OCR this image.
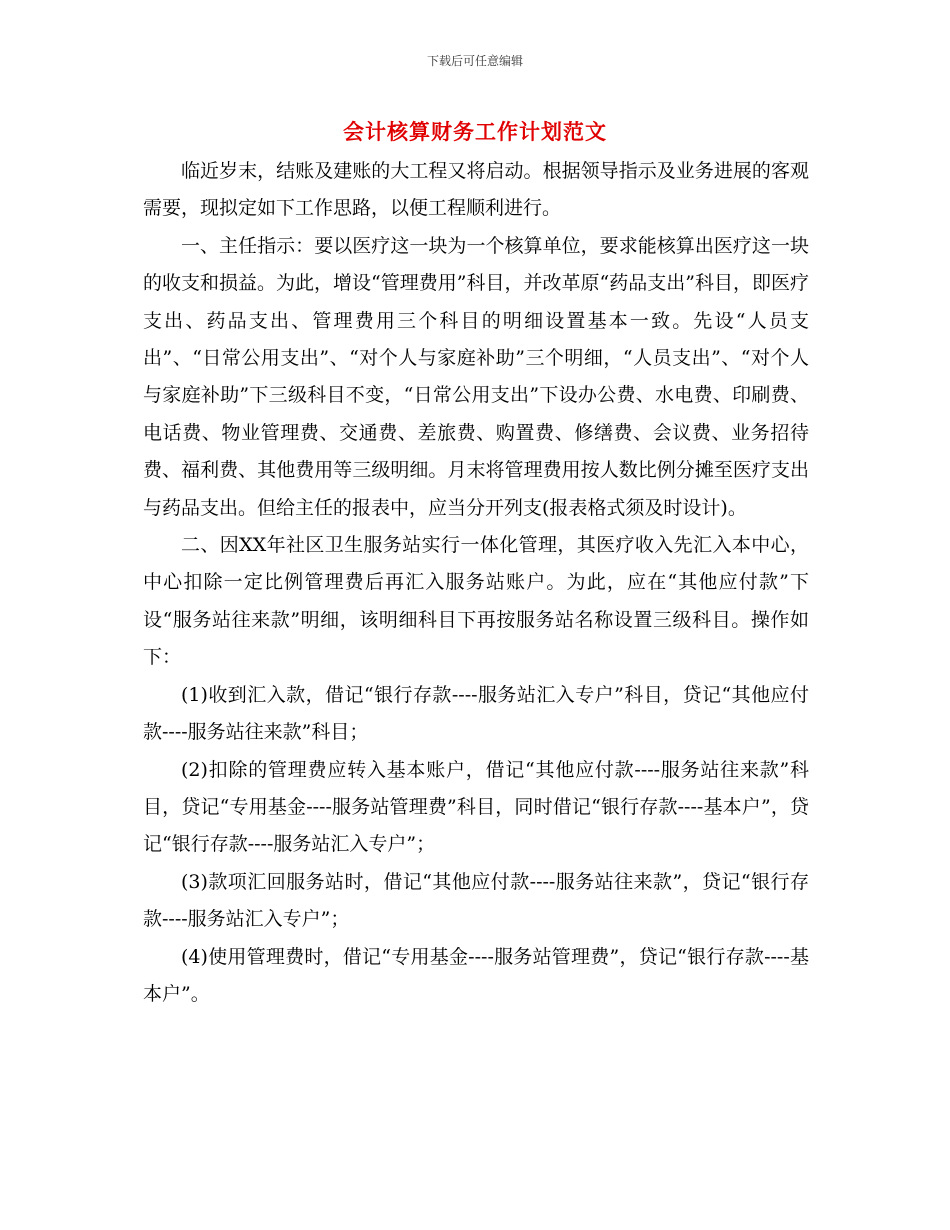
下载后可任意编辑
会计核算财务工作计划范文

临近岁末，结账及建账的大工程又将启动。根据领导指示及业务进展的客观需要，现拟定如下工作思路，以便工程顺利进行。

一、主任指示：要以医疗这一块为一个核算单位，要求能核算出医疗这一块的收支和损益。为此，增设“管理费用”科目，并改革原“药品支出”科目，即医疗支出、药品支出、管理费用三个科目的明细设置基本一致。先设“人员支出”、“日常公用支出”、“对个人与家庭补助”三个明细，“人员支出”、“对个人与家庭补助”下三级科目不变，“日常公用支出”下设办公费、水电费、印刷费、电话费、物业管理费、交通费、差旅费、购置费、修缮费、会议费、业务招待费、福利费、其他费用等三级明细。月末将管理费用按人数比例分摊至医疗支出与药品支出。但给主任的报表中，应当分开列支(报表格式须及时设计)。

二、因XX年社区卫生服务站实行一体化管理，其医疗收入先汇入本中心，中心扣除一定比例管理费后再汇入服务站账户。为此，应在“其他应付款”下设“服务站往来款”明细，该明细科目下再按服务站名称设置三级科目。操作如下：

(1)收到汇入款，借记“银行存款----服务站汇入专户”科目，贷记“其他应付款----服务站往来款”科目；

(2)扣除的管理费应转入基本账户，借记“其他应付款----服务站往来款”科目，贷记“专用基金----服务站管理费”科目，同时借记“银行存款----基本户”，贷记“银行存款----服务站汇入专户”；

(3)款项汇回服务站时，借记“其他应付款----服务站往来款”，贷记“银行存款----服务站汇入专户”；

(4)使用管理费时，借记“专用基金----服务站管理费”，贷记“银行存款----基本户”。
